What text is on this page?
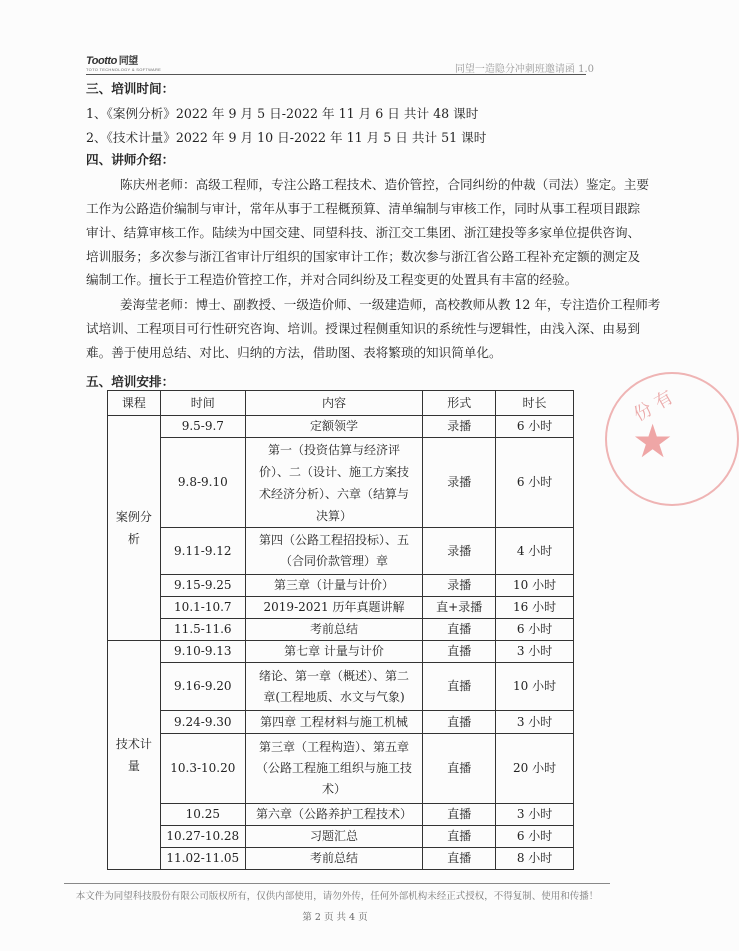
Tootto 同望
TOTO TECHNOLOGY & SOFTWARE	同望一造隐分冲刺班邀请函 1.0
三、培训时间：
1、《案例分析》2022 年 9 月 5 日-2022 年 11 月 6 日 共计 48 课时
2、《技术计量》2022 年 9 月 10 日-2022 年 11 月 5 日 共计 51 课时
四、讲师介绍：
陈庆州老师：高级工程师，专注公路工程技术、造价管控，合同纠纷的仲裁（司法）鉴定。主要
工作为公路造价编制与审计，常年从事于工程概预算、清单编制与审核工作，同时从事工程项目跟踪
审计、结算审核工作。陆续为中国交建、同望科技、浙江交工集团、浙江建投等多家单位提供咨询、
培训服务；多次参与浙江省审计厅组织的国家审计工作；数次参与浙江省公路工程补充定额的测定及
编制工作。擅长于工程造价管控工作，并对合同纠纷及工程变更的处置具有丰富的经验。
姜海莹老师：博士、副教授、一级造价师、一级建造师，高校教师从教 12 年，专注造价工程师考
试培训、工程项目可行性研究咨询、培训。授课过程侧重知识的系统性与逻辑性，由浅入深、由易到
难。善于使用总结、对比、归纳的方法，借助图、表将繁琐的知识简单化。
五、培训安排：
份 有
★
课程	时间	内容	形式	时长

案例分
析	9.5-9.7	定额领学	录播	6 小时
	9.8-9.10	第一（投资估算与经济评
价）、二（设计、施工方案技
术经济分析）、六章（结算与
决算）	录播	6 小时
	9.11-9.12	第四（公路工程招投标）、五
（合同价款管理）章	录播	4 小时
	9.15-9.25	第三章（计量与计价）	录播	10 小时
	10.1-10.7	2019-2021 历年真题讲解	直+录播	16 小时
	11.5-11.6	考前总结	直播	6 小时

技术计
量	9.10-9.13	第七章 计量与计价	直播	3 小时
	9.16-9.20	绪论、第一章（概述）、第二
章(工程地质、水文与气象)	直播	10 小时
	9.24-9.30	第四章 工程材料与施工机械	直播	3 小时
	10.3-10.20	第三章（工程构造）、第五章
（公路工程施工组织与施工技
术）	直播	20 小时
	10.25	第六章（公路养护工程技术）	直播	3 小时
	10.27-10.28	习题汇总	直播	6 小时
	11.02-11.05	考前总结	直播	8 小时
本文件为同望科技股份有限公司版权所有，仅供内部使用，请勿外传，任何外部机构未经正式授权，不得复制、使用和传播！
第 2 页 共 4 页
